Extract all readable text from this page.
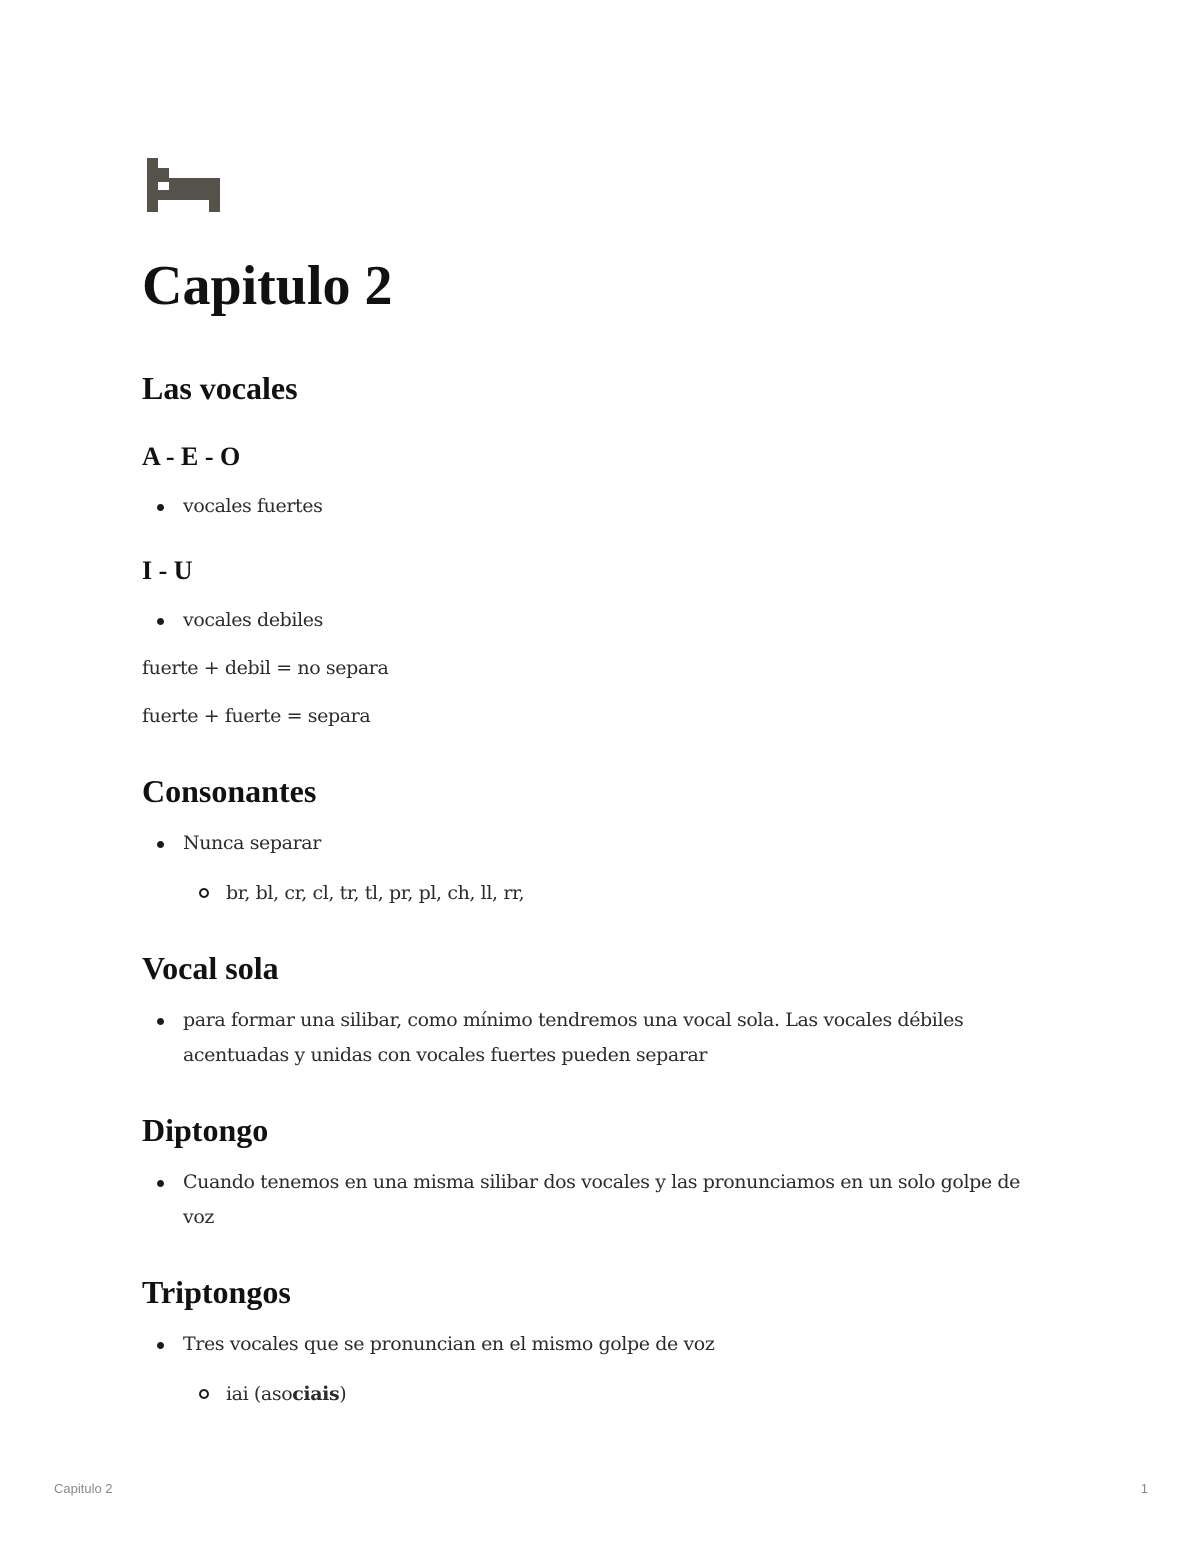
Capitulo 2
Las vocales
A - E - O
vocales fuertes
I - U
vocales debiles
fuerte + debil = no separa
fuerte + fuerte = separa
Consonantes
Nunca separar
br, bl, cr, cl, tr, tl, pr, pl, ch, ll, rr,
Vocal sola
para formar una silibar, como mínimo tendremos una vocal sola. Las vocales débiles acentuadas y unidas con vocales fuertes pueden separar
Diptongo
Cuando tenemos en una misma silibar dos vocales y las pronunciamos en un solo golpe de voz
Triptongos
Tres vocales que se pronuncian en el mismo golpe de voz
iai (asociais)
Capitulo 2	1
